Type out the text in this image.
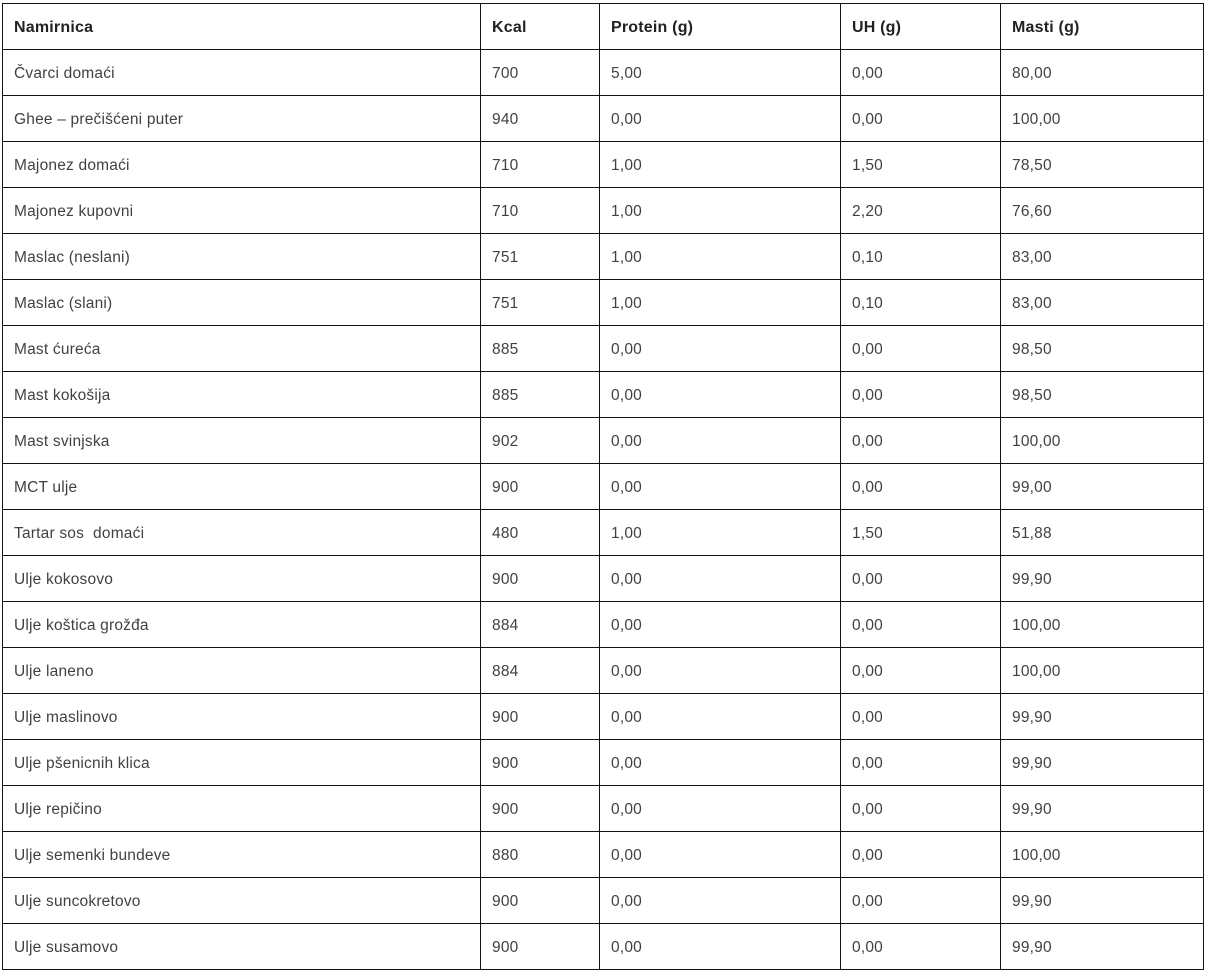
Namirnica	Kcal	Protein (g)	UH (g)	Masti (g)
Čvarci domaći	700	5,00	0,00	80,00
Ghee – prečišćeni puter	940	0,00	0,00	100,00
Majonez domaći	710	1,00	1,50	78,50
Majonez kupovni	710	1,00	2,20	76,60
Maslac (neslani)	751	1,00	0,10	83,00
Maslac (slani)	751	1,00	0,10	83,00
Mast ćureća	885	0,00	0,00	98,50
Mast kokošija	885	0,00	0,00	98,50
Mast svinjska	902	0,00	0,00	100,00
MCT ulje	900	0,00	0,00	99,00
Tartar sos  domaći	480	1,00	1,50	51,88
Ulje kokosovo	900	0,00	0,00	99,90
Ulje koštica grožđa	884	0,00	0,00	100,00
Ulje laneno	884	0,00	0,00	100,00
Ulje maslinovo	900	0,00	0,00	99,90
Ulje pšenicnih klica	900	0,00	0,00	99,90
Ulje repičino	900	0,00	0,00	99,90
Ulje semenki bundeve	880	0,00	0,00	100,00
Ulje suncokretovo	900	0,00	0,00	99,90
Ulje susamovo	900	0,00	0,00	99,90
